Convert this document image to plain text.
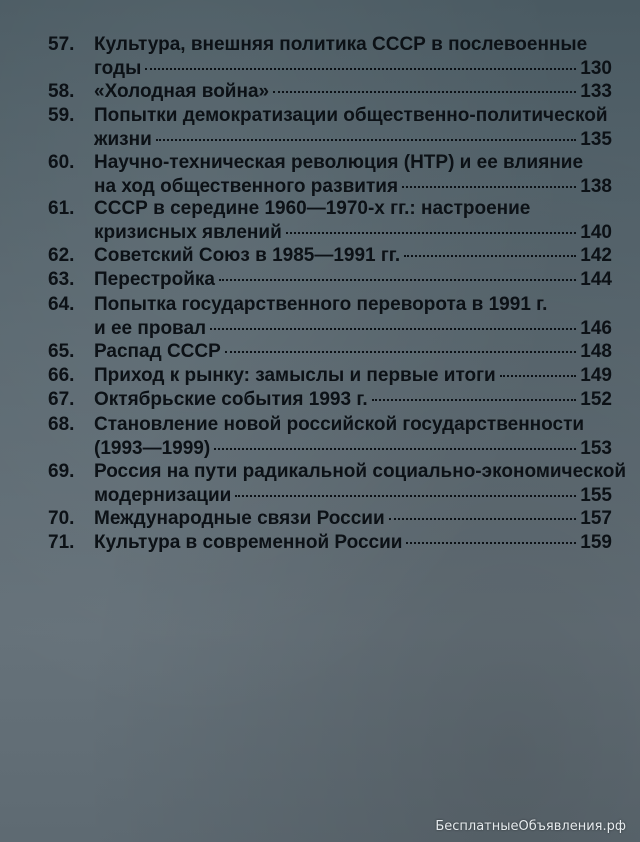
57.	Культура, внешняя политика СССР в послевоенные
годы	130
58.	«Холодная война»	133
59.	Попытки демократизации общественно-политической
жизни	135
60.	Научно-техническая революция (НТР) и ее влияние
на ход общественного развития	138
61.	СССР в середине 1960—1970-х гг.: настроение
кризисных явлений	140
62.	Советский Союз в 1985—1991 гг.	142
63.	Перестройка	144
64.	Попытка государственного переворота в 1991 г.
и ее провал	146
65.	Распад СССР	148
66.	Приход к рынку: замыслы и первые итоги	149
67.	Октябрьские события 1993 г.	152
68.	Становление новой российской государственности
(1993—1999)	153
69.	Россия на пути радикальной социально-экономической
модернизации	155
70.	Международные связи России	157
71.	Культура в современной России	159
БесплатныеОбъявления.рф
